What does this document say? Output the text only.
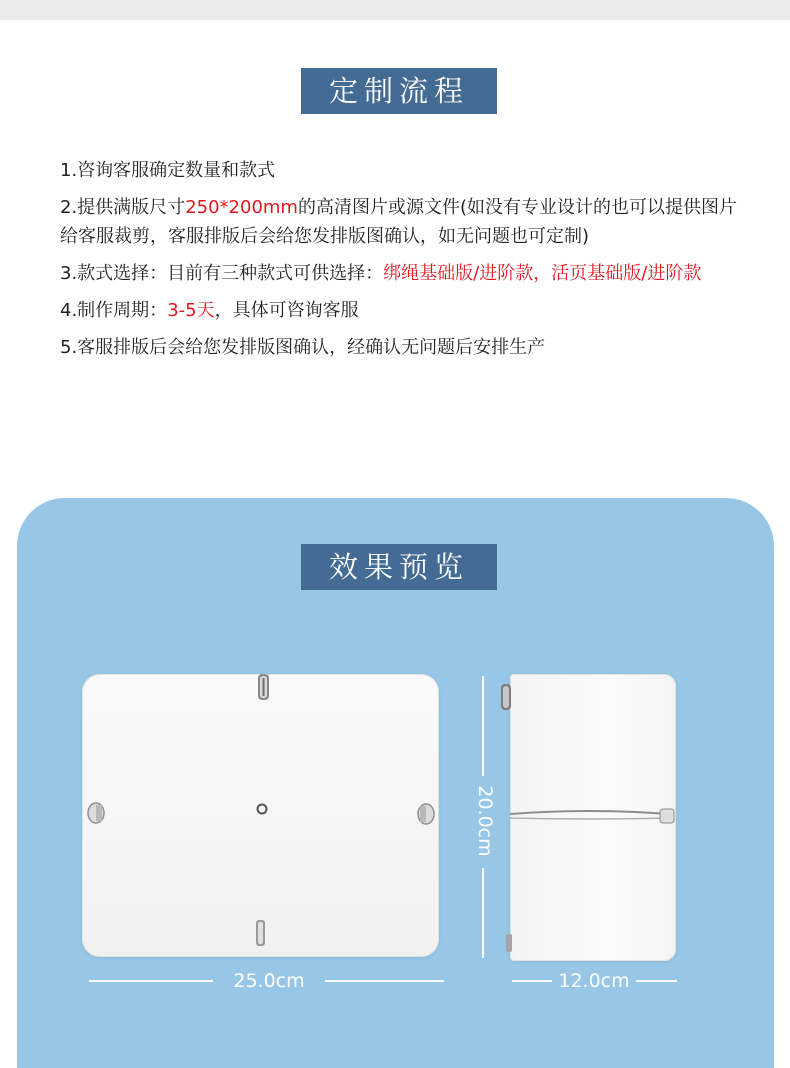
定制流程
1.咨询客服确定数量和款式
2.提供满版尺寸250*200mm的高清图片或源文件(如没有专业设计的也可以提供图片给客服裁剪，客服排版后会给您发排版图确认，如无问题也可定制)
3.款式选择：目前有三种款式可供选择：绑绳基础版/进阶款，活页基础版/进阶款
4.制作周期：3-5天，具体可咨询客服
5.客服排版后会给您发排版图确认，经确认无问题后安排生产
效果预览
20.0cm
25.0cm	12.0cm
